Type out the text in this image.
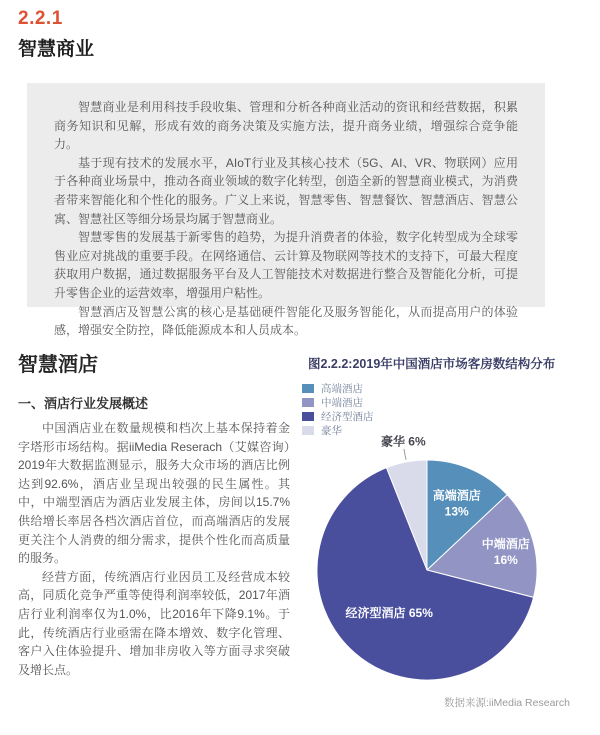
2.2.1
智慧商业

智慧商业是利用科技手段收集、管理和分析各种商业活动的资讯和经营数据，积累商务知识和见解，形成有效的商务决策及实施方法，提升商务业绩，增强综合竞争能力。

基于现有技术的发展水平，AIoT行业及其核心技术（5G、AI、VR、物联网）应用于各种商业场景中，推动各商业领域的数字化转型，创造全新的智慧商业模式，为消费者带来智能化和个性化的服务。广义上来说，智慧零售、智慧餐饮、智慧酒店、智慧公寓、智慧社区等细分场景均属于智慧商业。

智慧零售的发展基于新零售的趋势，为提升消费者的体验，数字化转型成为全球零售业应对挑战的重要手段。在网络通信、云计算及物联网等技术的支持下，可最大程度获取用户数据，通过数据服务平台及人工智能技术对数据进行整合及智能化分析，可提升零售企业的运营效率，增强用户粘性。

智慧酒店及智慧公寓的核心是基础硬件智能化及服务智能化，从而提高用户的体验感，增强安全防控，降低能源成本和人员成本。

智慧酒店
一、酒店行业发展概述

中国酒店业在数量规模和档次上基本保持着金字塔形市场结构。据iiMedia Reserach（艾媒咨询）2019年大数据监测显示，服务大众市场的酒店比例达到92.6%，酒店业呈现出较强的民生属性。其中，中端型酒店为酒店业发展主体，房间以15.7%供给增长率居各档次酒店首位，而高端酒店的发展更关注个人消费的细分需求，提供个性化而高质量的服务。

经营方面，传统酒店行业因员工及经营成本较高，同质化竞争严重等使得利润率较低，2017年酒店行业利润率仅为1.0%，比2016年下降9.1%。于此，传统酒店行业亟需在降本增效、数字化管理、客户入住体验提升、增加非房收入等方面寻求突破及增长点。

图2.2.2:2019年中国酒店市场客房数结构分布
高端酒店
中端酒店
经济型酒店
豪华
高端酒店 13%
中端酒店 16%
经济型酒店 65%
豪华 6%
数据来源:iiMedia Research
